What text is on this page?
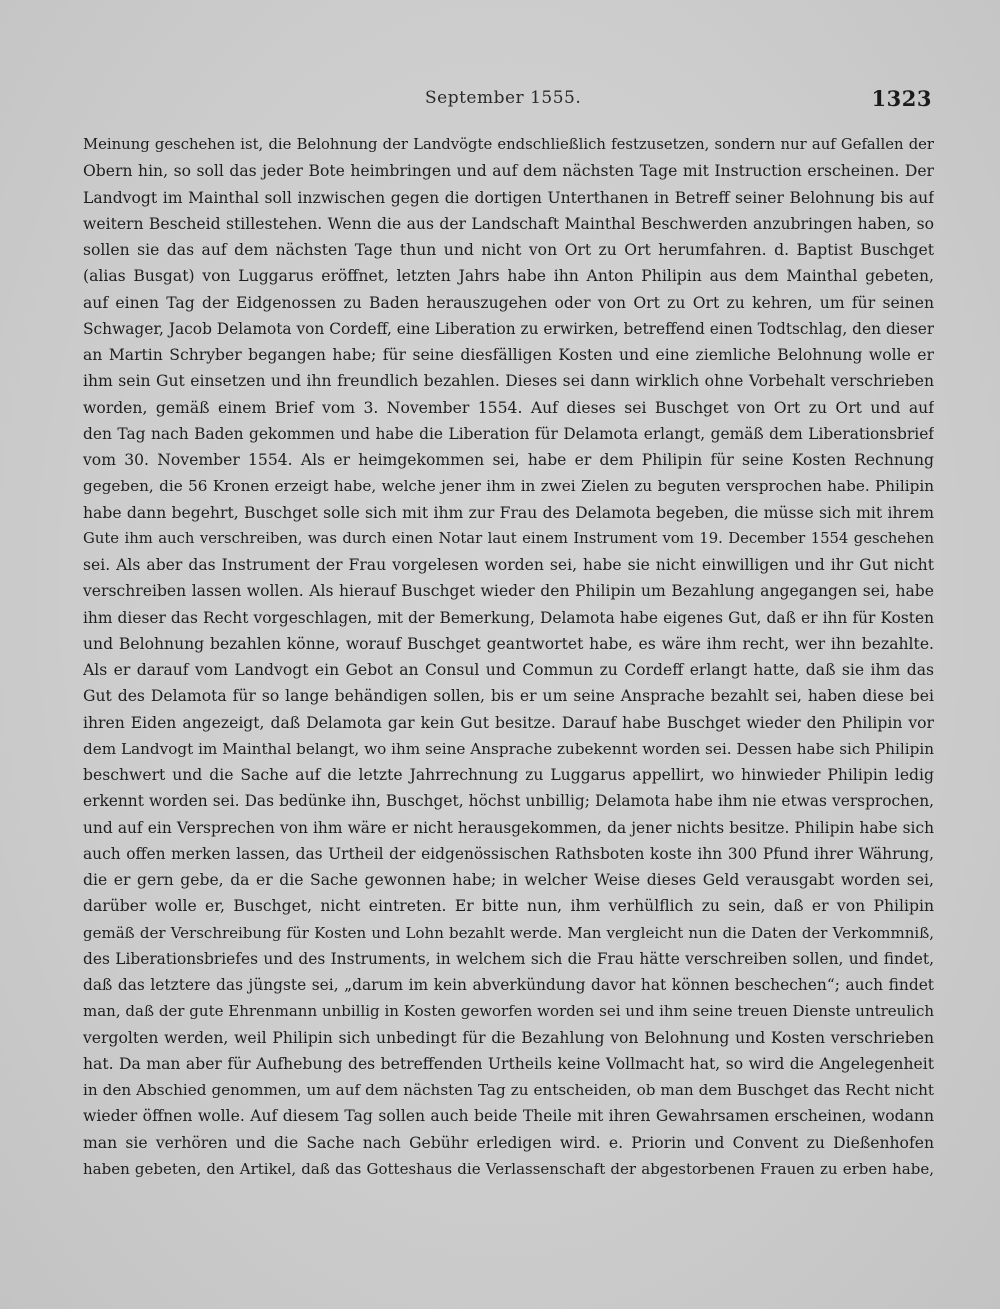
September 1555.	1323
Meinung geschehen ist, die Belohnung der Landvögte endschließlich festzusetzen, sondern nur auf Gefallen der
Obern hin, so soll das jeder Bote heimbringen und auf dem nächsten Tage mit Instruction erscheinen. Der
Landvogt im Mainthal soll inzwischen gegen die dortigen Unterthanen in Betreff seiner Belohnung bis auf
weitern Bescheid stillestehen. Wenn die aus der Landschaft Mainthal Beschwerden anzubringen haben, so
sollen sie das auf dem nächsten Tage thun und nicht von Ort zu Ort herumfahren. d. Baptist Buschget
(alias Busgat) von Luggarus eröffnet, letzten Jahrs habe ihn Anton Philipin aus dem Mainthal gebeten,
auf einen Tag der Eidgenossen zu Baden herauszugehen oder von Ort zu Ort zu kehren, um für seinen
Schwager, Jacob Delamota von Cordeff, eine Liberation zu erwirken, betreffend einen Todtschlag, den dieser
an Martin Schryber begangen habe; für seine diesfälligen Kosten und eine ziemliche Belohnung wolle er
ihm sein Gut einsetzen und ihn freundlich bezahlen. Dieses sei dann wirklich ohne Vorbehalt verschrieben
worden, gemäß einem Brief vom 3. November 1554. Auf dieses sei Buschget von Ort zu Ort und auf
den Tag nach Baden gekommen und habe die Liberation für Delamota erlangt, gemäß dem Liberationsbrief
vom 30. November 1554. Als er heimgekommen sei, habe er dem Philipin für seine Kosten Rechnung
gegeben, die 56 Kronen erzeigt habe, welche jener ihm in zwei Zielen zu beguten versprochen habe. Philipin
habe dann begehrt, Buschget solle sich mit ihm zur Frau des Delamota begeben, die müsse sich mit ihrem
Gute ihm auch verschreiben, was durch einen Notar laut einem Instrument vom 19. December 1554 geschehen
sei. Als aber das Instrument der Frau vorgelesen worden sei, habe sie nicht einwilligen und ihr Gut nicht
verschreiben lassen wollen. Als hierauf Buschget wieder den Philipin um Bezahlung angegangen sei, habe
ihm dieser das Recht vorgeschlagen, mit der Bemerkung, Delamota habe eigenes Gut, daß er ihn für Kosten
und Belohnung bezahlen könne, worauf Buschget geantwortet habe, es wäre ihm recht, wer ihn bezahlte.
Als er darauf vom Landvogt ein Gebot an Consul und Commun zu Cordeff erlangt hatte, daß sie ihm das
Gut des Delamota für so lange behändigen sollen, bis er um seine Ansprache bezahlt sei, haben diese bei
ihren Eiden angezeigt, daß Delamota gar kein Gut besitze. Darauf habe Buschget wieder den Philipin vor
dem Landvogt im Mainthal belangt, wo ihm seine Ansprache zubekennt worden sei. Dessen habe sich Philipin
beschwert und die Sache auf die letzte Jahrrechnung zu Luggarus appellirt, wo hinwieder Philipin ledig
erkennt worden sei. Das bedünke ihn, Buschget, höchst unbillig; Delamota habe ihm nie etwas versprochen,
und auf ein Versprechen von ihm wäre er nicht herausgekommen, da jener nichts besitze. Philipin habe sich
auch offen merken lassen, das Urtheil der eidgenössischen Rathsboten koste ihn 300 Pfund ihrer Währung,
die er gern gebe, da er die Sache gewonnen habe; in welcher Weise dieses Geld verausgabt worden sei,
darüber wolle er, Buschget, nicht eintreten. Er bitte nun, ihm verhülflich zu sein, daß er von Philipin
gemäß der Verschreibung für Kosten und Lohn bezahlt werde. Man vergleicht nun die Daten der Verkommniß,
des Liberationsbriefes und des Instruments, in welchem sich die Frau hätte verschreiben sollen, und findet,
daß das letztere das jüngste sei, „darum im kein abverkündung davor hat können beschechen“; auch findet
man, daß der gute Ehrenmann unbillig in Kosten geworfen worden sei und ihm seine treuen Dienste untreulich
vergolten werden, weil Philipin sich unbedingt für die Bezahlung von Belohnung und Kosten verschrieben
hat. Da man aber für Aufhebung des betreffenden Urtheils keine Vollmacht hat, so wird die Angelegenheit
in den Abschied genommen, um auf dem nächsten Tag zu entscheiden, ob man dem Buschget das Recht nicht
wieder öffnen wolle. Auf diesem Tag sollen auch beide Theile mit ihren Gewahrsamen erscheinen, wodann
man sie verhören und die Sache nach Gebühr erledigen wird. e. Priorin und Convent zu Dießenhofen
haben gebeten, den Artikel, daß das Gotteshaus die Verlassenschaft der abgestorbenen Frauen zu erben habe,
